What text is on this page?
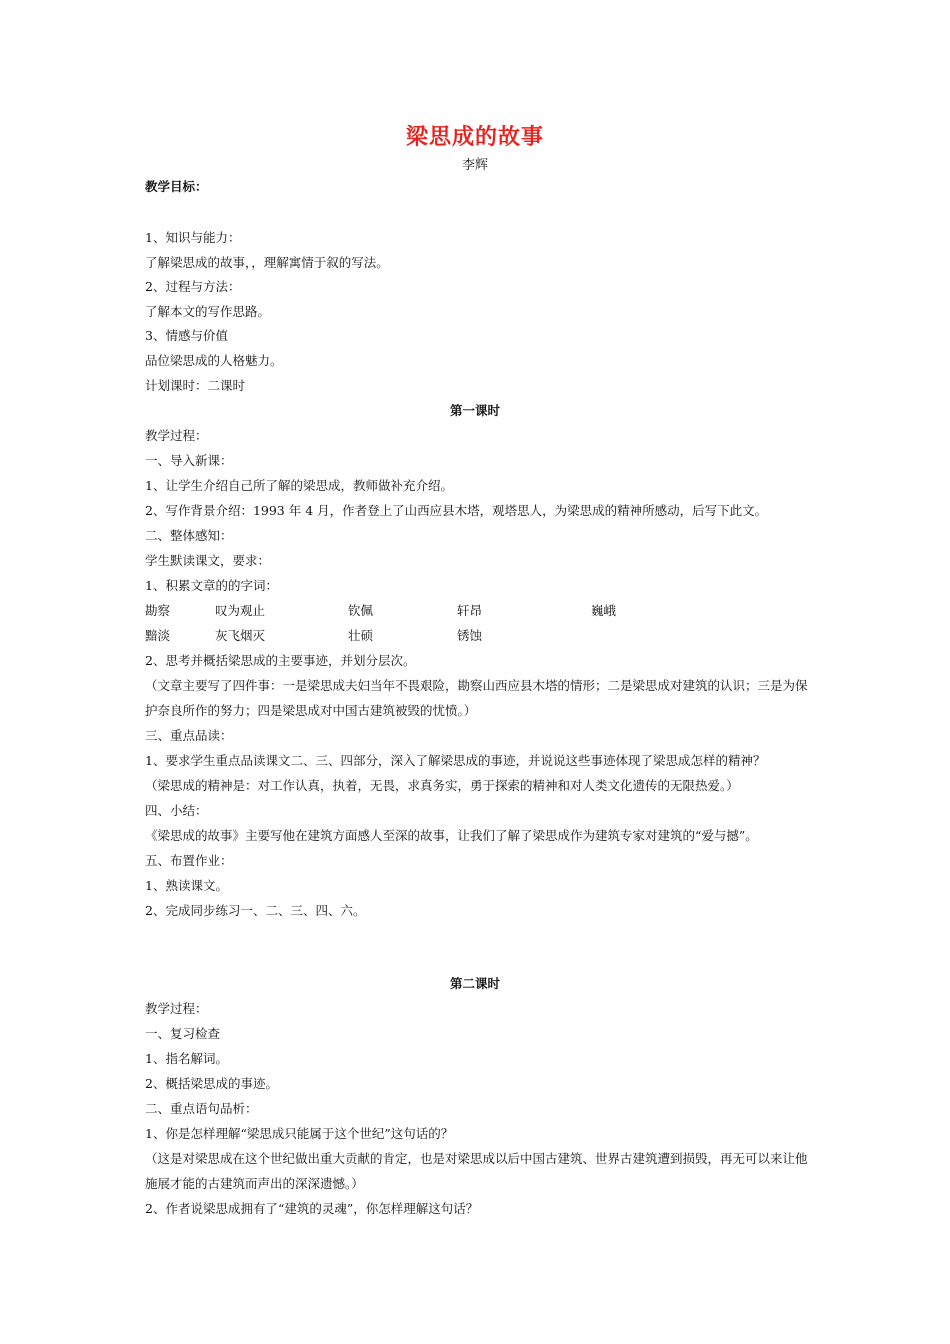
梁思成的故事
李辉
教学目标：
1、知识与能力：
了解梁思成的故事，，理解寓情于叙的写法。
2、过程与方法：
了解本文的写作思路。
3、情感与价值
品位梁思成的人格魅力。
计划课时：二课时
第一课时
教学过程：
一、导入新课：
1、让学生介绍自己所了解的梁思成，教师做补充介绍。
2、写作背景介绍：1993 年 4 月，作者登上了山西应县木塔，观塔思人，为梁思成的精神所感动，后写下此文。
二、整体感知：
学生默读课文，要求：
1、积累文章的的字词：
勘察	叹为观止	钦佩	轩昂	巍峨
黯淡	灰飞烟灭	壮硕	锈蚀
2、思考并概括梁思成的主要事迹，并划分层次。
（文章主要写了四件事：一是梁思成夫妇当年不畏艰险，勘察山西应县木塔的情形；二是梁思成对建筑的认识；三是为保
护奈良所作的努力；四是梁思成对中国古建筑被毁的忧愤。）
三、重点品读：
1、要求学生重点品读课文二、三、四部分，深入了解梁思成的事迹，并说说这些事迹体现了梁思成怎样的精神？
（梁思成的精神是：对工作认真，执着，无畏，求真务实，勇于探索的精神和对人类文化遗传的无限热爱。）
四、小结：
《梁思成的故事》主要写他在建筑方面感人至深的故事，让我们了解了梁思成作为建筑专家对建筑的“爱与撼”。
五、布置作业：
1、熟读课文。
2、完成同步练习一、二、三、四、六。
第二课时
教学过程：
一、复习检查
1、指名解词。
2、概括梁思成的事迹。
二、重点语句品析：
1、你是怎样理解“梁思成只能属于这个世纪”这句话的？
（这是对梁思成在这个世纪做出重大贡献的肯定，也是对梁思成以后中国古建筑、世界古建筑遭到损毁，再无可以来让他
施展才能的古建筑而声出的深深遗憾。）
2、作者说梁思成拥有了“建筑的灵魂”，你怎样理解这句话？
